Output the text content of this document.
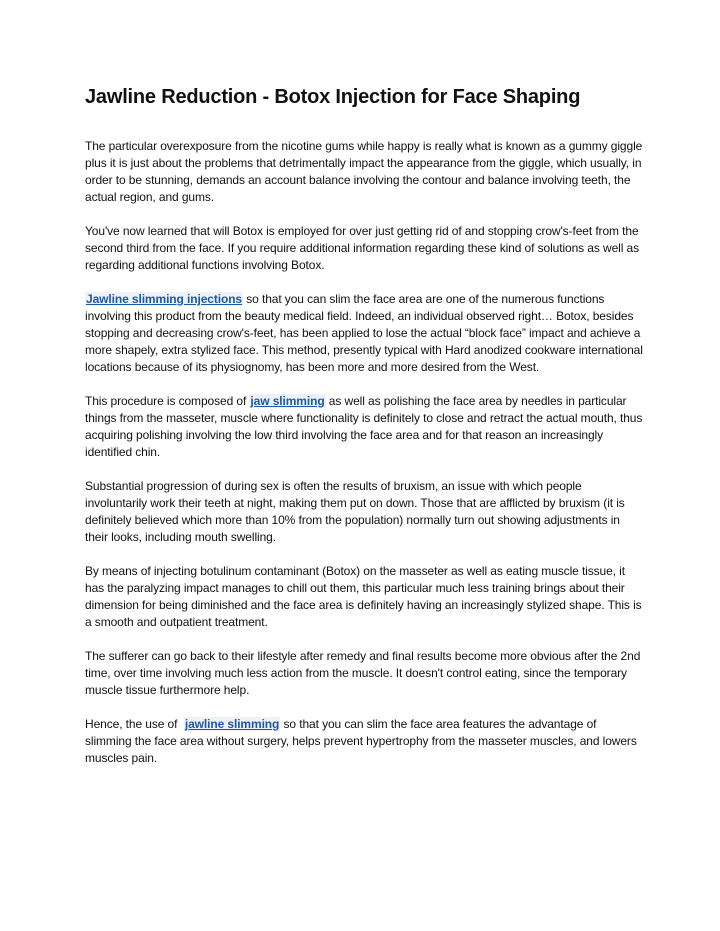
Jawline Reduction - Botox Injection for Face Shaping

The particular overexposure from the nicotine gums while happy is really what is known as a gummy giggle plus it is just about the problems that detrimentally impact the appearance from the giggle, which usually, in order to be stunning, demands an account balance involving the contour and balance involving teeth, the actual region, and gums.

You've now learned that will Botox is employed for over just getting rid of and stopping crow's-feet from the second third from the face. If you require additional information regarding these kind of solutions as well as regarding additional functions involving Botox.

Jawline slimming injections so that you can slim the face area are one of the numerous functions involving this product from the beauty medical field. Indeed, an individual observed right… Botox, besides stopping and decreasing crow's-feet, has been applied to lose the actual “block face” impact and achieve a more shapely, extra stylized face. This method, presently typical with Hard anodized cookware international locations because of its physiognomy, has been more and more desired from the West.

This procedure is composed of jaw slimming as well as polishing the face area by needles in particular things from the masseter, muscle where functionality is definitely to close and retract the actual mouth, thus acquiring polishing involving the low third involving the face area and for that reason an increasingly identified chin.

Substantial progression of during sex is often the results of bruxism, an issue with which people involuntarily work their teeth at night, making them put on down. Those that are afflicted by bruxism (it is definitely believed which more than 10% from the population) normally turn out showing adjustments in their looks, including mouth swelling.

By means of injecting botulinum contaminant (Botox) on the masseter as well as eating muscle tissue, it has the paralyzing impact manages to chill out them, this particular much less training brings about their dimension for being diminished and the face area is definitely having an increasingly stylized shape. This is a smooth and outpatient treatment.

The sufferer can go back to their lifestyle after remedy and final results become more obvious after the 2nd time, over time involving much less action from the muscle. It doesn't control eating, since the temporary muscle tissue furthermore help.

Hence, the use of  jawline slimming so that you can slim the face area features the advantage of slimming the face area without surgery, helps prevent hypertrophy from the masseter muscles, and lowers muscles pain.
